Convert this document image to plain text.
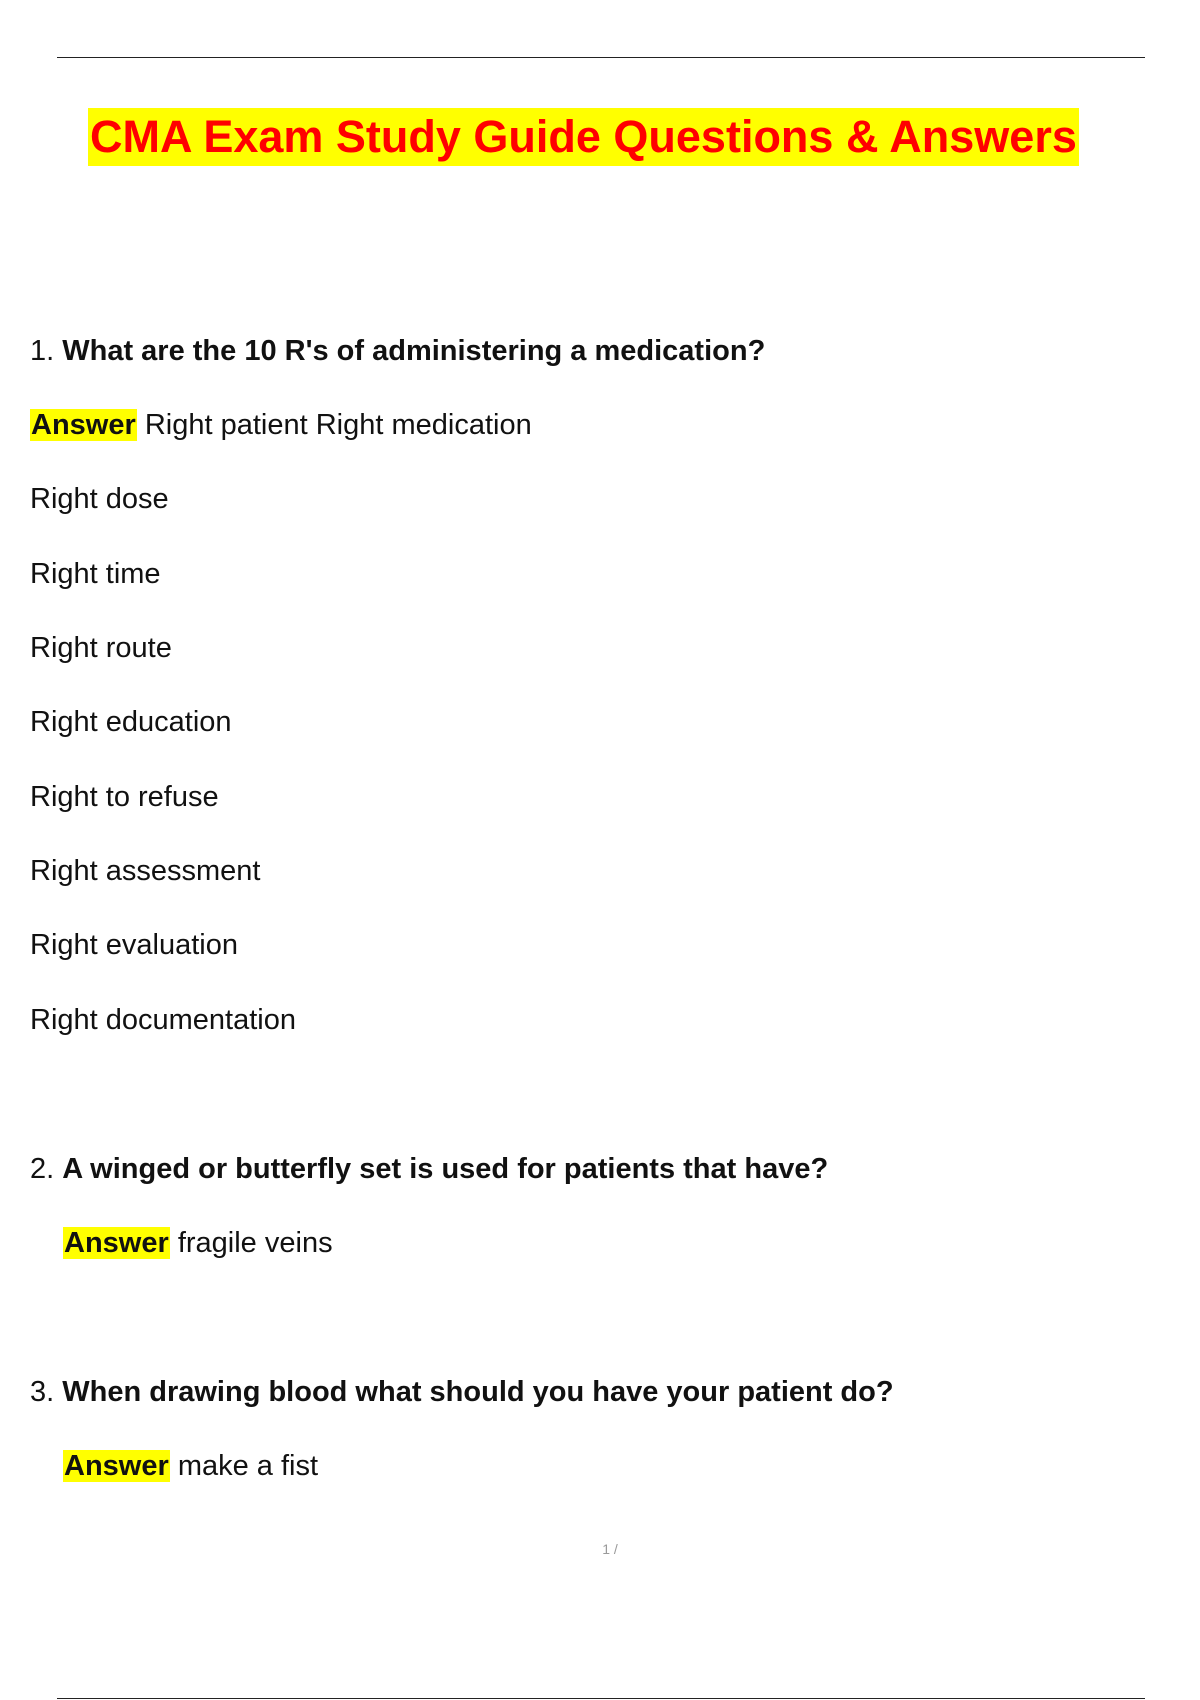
CMA Exam Study Guide Questions & Answers
1. What are the 10 R's of administering a medication?
Answer Right patient Right medication
Right dose
Right time
Right route
Right education
Right to refuse
Right assessment
Right evaluation
Right documentation
2. A winged or butterfly set is used for patients that have?
Answer fragile veins
3. When drawing blood what should you have your patient do?
Answer make a fist
1 /
